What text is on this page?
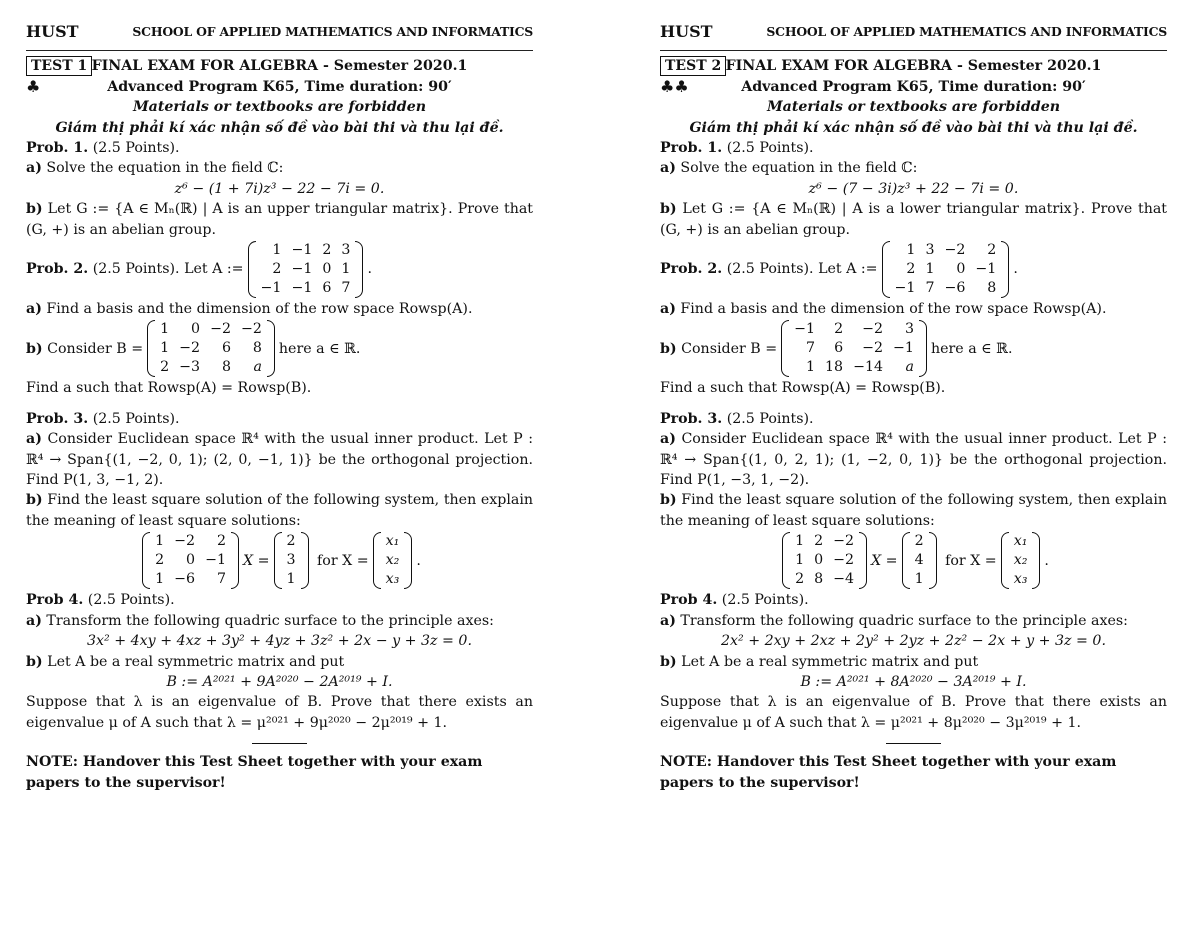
HUST	SCHOOL OF APPLIED MATHEMATICS AND INFORMATICS
TEST 1 FINAL EXAM FOR ALGEBRA - Semester 2020.1
♣	Advanced Program K65, Time duration: 90′
Materials or textbooks are forbidden
Giám thị phải kí xác nhận số đề vào bài thi và thu lại đề.
Prob. 1. (2.5 Points).
a) Solve the equation in the field ℂ:
z⁶ − (1 + 7i)z³ − 22 − 7i = 0.
b) Let G := {A ∈ Mₙ(ℝ) | A is an upper triangular matrix}. Prove that (G, +) is an abelian group.
Prob. 2.
(2.5 Points). Let A :=
1	−1	2	3
2	−1	0	1
−1	−1	6	7
.
a) Find a basis and the dimension of the row space Rowsp(A).
b)
Consider B =
1	0	−2	−2
1	−2	6	8
2	−3	8	a
here a ∈ ℝ.
Find a such that Rowsp(A) = Rowsp(B).
Prob. 3. (2.5 Points).
a) Consider Euclidean space ℝ⁴ with the usual inner product. Let P : ℝ⁴ → Span{(1, −2, 0, 1); (2, 0, −1, 1)} be the orthogonal projection. Find P(1, 3, −1, 2).
b) Find the least square solution of the following system, then explain the meaning of least square solutions:
1	−2	2
2	0	−1
1	−6	7
X =
2
3
1

for X =
x₁
x₂
x₃
.
Prob 4. (2.5 Points).
a) Transform the following quadric surface to the principle axes:
3x² + 4xy + 4xz + 3y² + 4yz + 3z² + 2x − y + 3z = 0.
b) Let A be a real symmetric matrix and put
B := A²⁰²¹ + 9A²⁰²⁰ − 2A²⁰¹⁹ + I.
Suppose that λ is an eigenvalue of B. Prove that there exists an eigenvalue μ of A such that λ = μ²⁰²¹ + 9μ²⁰²⁰ − 2μ²⁰¹⁹ + 1.
NOTE: Handover this Test Sheet together with your exam papers to the supervisor!
HUST	SCHOOL OF APPLIED MATHEMATICS AND INFORMATICS
TEST 2 FINAL EXAM FOR ALGEBRA - Semester 2020.1
♣♣	Advanced Program K65, Time duration: 90′
Materials or textbooks are forbidden
Giám thị phải kí xác nhận số đề vào bài thi và thu lại đề.
Prob. 1. (2.5 Points).
a) Solve the equation in the field ℂ:
z⁶ − (7 − 3i)z³ + 22 − 7i = 0.
b) Let G := {A ∈ Mₙ(ℝ) | A is a lower triangular matrix}. Prove that (G, +) is an abelian group.
Prob. 2.
(2.5 Points). Let A :=
1	3	−2	2
2	1	0	−1
−1	7	−6	8
.
a) Find a basis and the dimension of the row space Rowsp(A).
b)
Consider B =
−1	2	−2	3
7	6	−2	−1
1	18	−14	a
here a ∈ ℝ.
Find a such that Rowsp(A) = Rowsp(B).
Prob. 3. (2.5 Points).
a) Consider Euclidean space ℝ⁴ with the usual inner product. Let P : ℝ⁴ → Span{(1, 0, 2, 1); (1, −2, 0, 1)} be the orthogonal projection. Find P(1, −3, 1, −2).
b) Find the least square solution of the following system, then explain the meaning of least square solutions:
1	2	−2
1	0	−2
2	8	−4
X =
2
4
1

for X =
x₁
x₂
x₃
.
Prob 4. (2.5 Points).
a) Transform the following quadric surface to the principle axes:
2x² + 2xy + 2xz + 2y² + 2yz + 2z² − 2x + y + 3z = 0.
b) Let A be a real symmetric matrix and put
B := A²⁰²¹ + 8A²⁰²⁰ − 3A²⁰¹⁹ + I.
Suppose that λ is an eigenvalue of B. Prove that there exists an eigenvalue μ of A such that λ = μ²⁰²¹ + 8μ²⁰²⁰ − 3μ²⁰¹⁹ + 1.
NOTE: Handover this Test Sheet together with your exam papers to the supervisor!
